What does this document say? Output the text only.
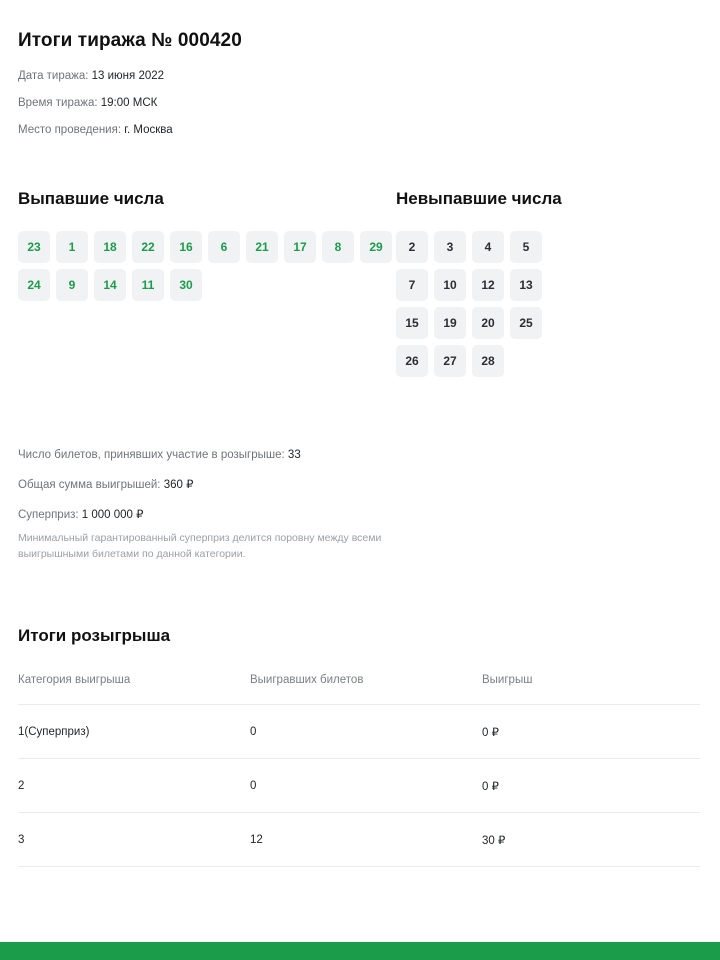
Итоги тиража № 000420
Дата тиража: 13 июня 2022
Время тиража: 19:00 МСК
Место проведения: г. Москва
Выпавшие числа
23	1	18	22	16	6	21	17	8	29
24	9	14	11	30
Невыпавшие числа
2	3	4	5
7	10	12	13
15	19	20	25
26	27	28
Число билетов, принявших участие в розыгрыше: 33
Общая сумма выигрышей: 360 ₽
Суперприз: 1 000 000 ₽
Минимальный гарантированный суперприз делится поровну между всеми выигрышными билетами по данной категории.
Итоги розыгрыша
Категория выигрыша	Выигравших билетов	Выигрыш
1(Суперприз)	0	0 ₽
2	0	0 ₽
3	12	30 ₽
